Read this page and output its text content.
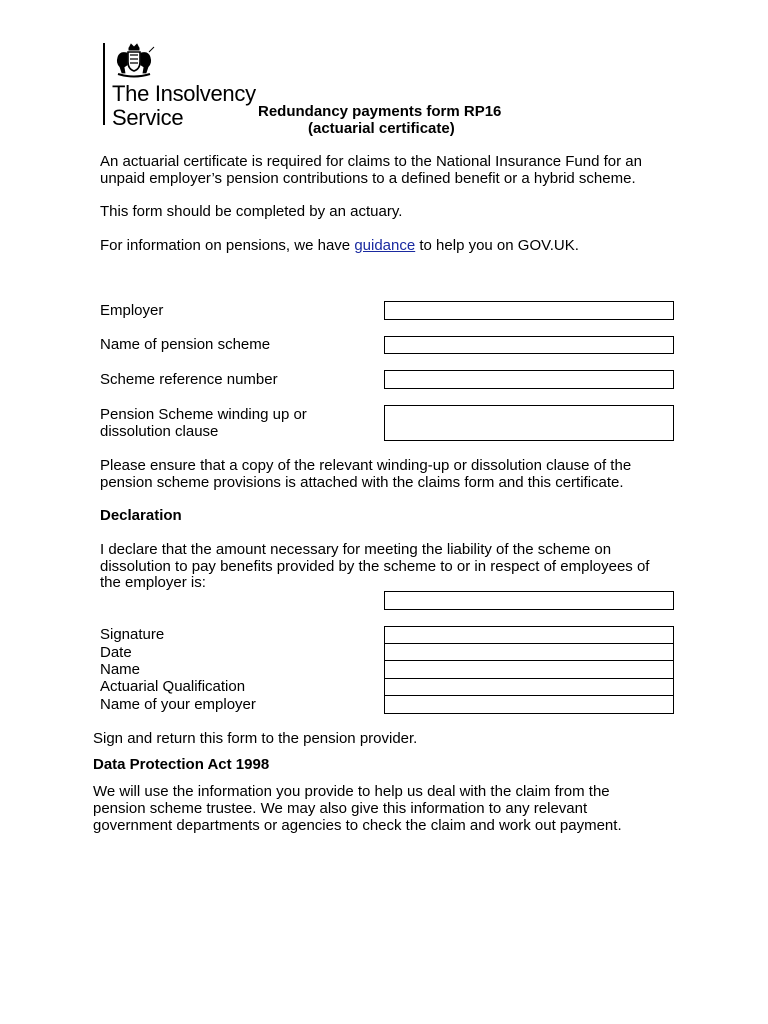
The Insolvency
Service	Redundancy payments form RP16
(actuarial certificate)
An actuarial certificate is required for claims to the National Insurance Fund for an
unpaid employer’s pension contributions to a defined benefit or a hybrid scheme.
This form should be completed by an actuary.
For information on pensions, we have guidance to help you on GOV.UK.
Employer
Name of pension scheme
Scheme reference number
Pension Scheme winding up or
dissolution clause
Please ensure that a copy of the relevant winding-up or dissolution clause of the
pension scheme provisions is attached with the claims form and this certificate.
Declaration
I declare that the amount necessary for meeting the liability of the scheme on
dissolution to pay benefits provided by the scheme to or in respect of employees of
the employer is:
Signature
Date
Name
Actuarial Qualification
Name of your employer
Sign and return this form to the pension provider.
Data Protection Act 1998
We will use the information you provide to help us deal with the claim from the
pension scheme trustee. We may also give this information to any relevant
government departments or agencies to check the claim and work out payment.
